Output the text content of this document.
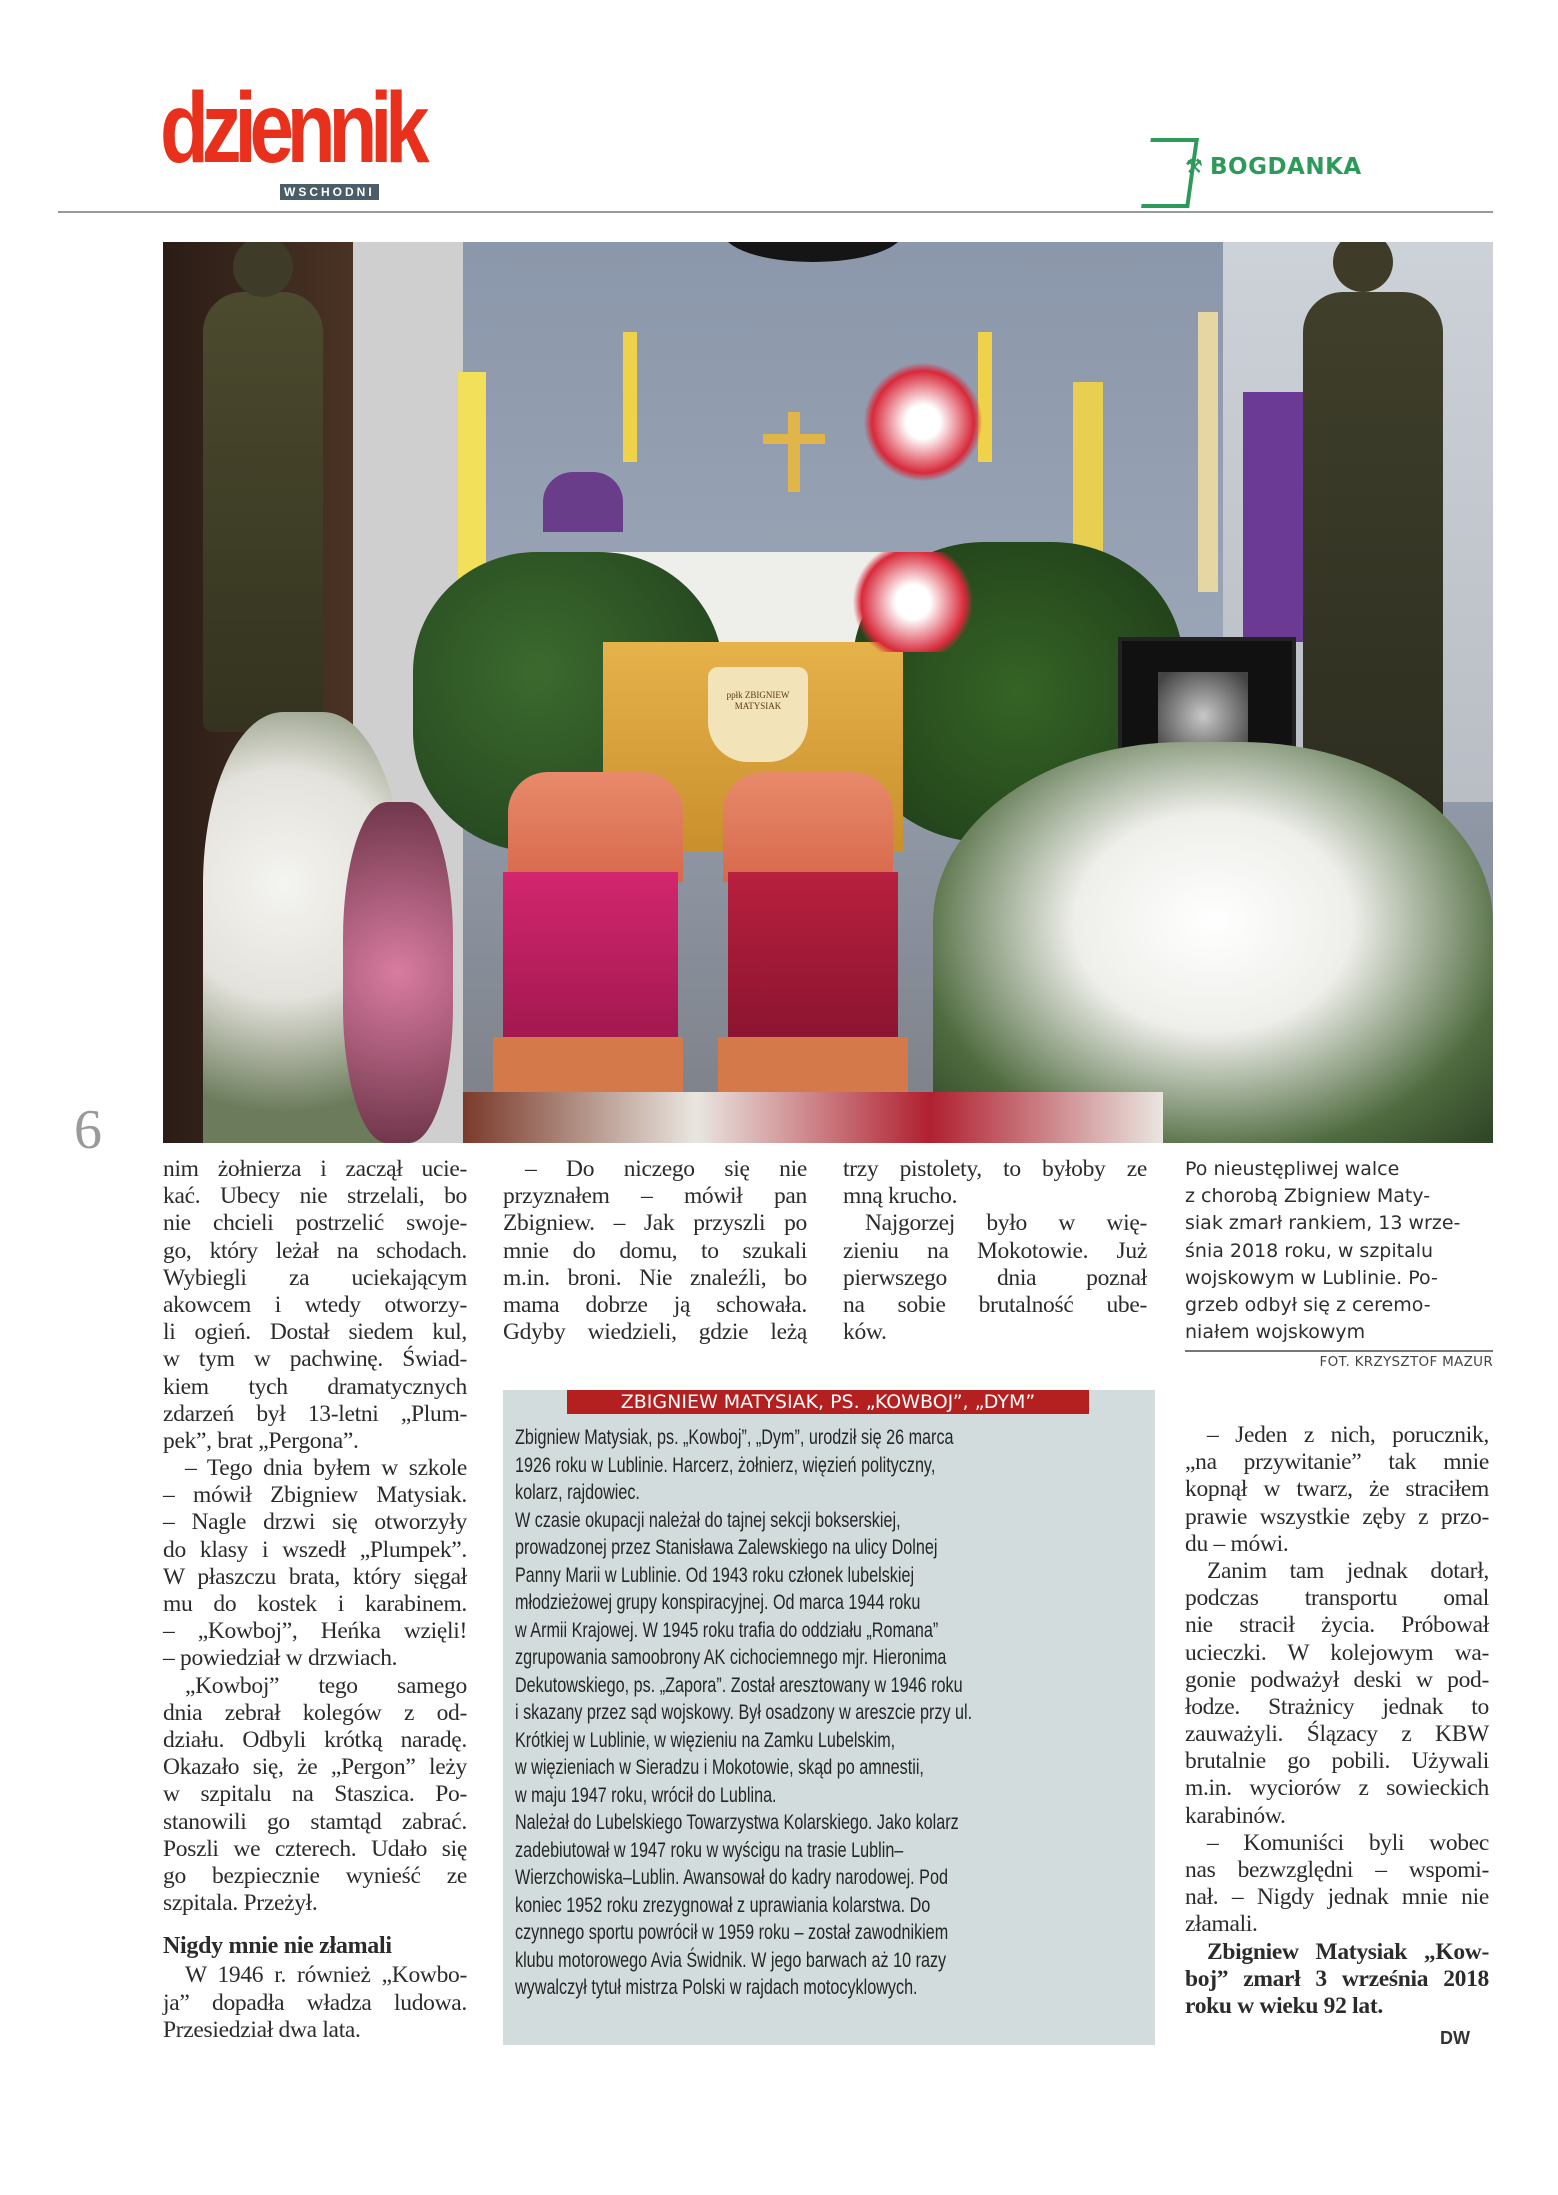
dziennik
WSCHODNI
⚒ BOGDANKA
ppłk ZBIGNIEW MATYSIAK
6
nim żołnierza i zaczął ucie-
kać. Ubecy nie strzelali, bo
nie chcieli postrzelić swoje-
go, który leżał na schodach.
Wybiegli za uciekającym
akowcem i wtedy otworzy-
li ogień. Dostał siedem kul,
w tym w pachwinę. Świad-
kiem tych dramatycznych
zdarzeń był 13-letni „Plum-
pek”, brat „Pergona”.
– Tego dnia byłem w szkole
– mówił Zbigniew Matysiak.
– Nagle drzwi się otworzyły
do klasy i wszedł „Plumpek”.
W płaszczu brata, który sięgał
mu do kostek i karabinem.
– „Kowboj”, Heńka wzięli!
– powiedział w drzwiach.
„Kowboj” tego samego
dnia zebrał kolegów z od-
działu. Odbyli krótką naradę.
Okazało się, że „Pergon” leży
w szpitalu na Staszica. Po-
stanowili go stamtąd zabrać.
Poszli we czterech. Udało się
go bezpiecznie wynieść ze
szpitala. Przeżył.
Nigdy mnie nie złamali
W 1946 r. również „Kowbo-
ja” dopadła władza ludowa.
Przesiedział dwa lata.
– Do niczego się nie
przyznałem – mówił pan
Zbigniew. – Jak przyszli po
mnie do domu, to szukali
m.in. broni. Nie znaleźli, bo
mama dobrze ją schowała.
Gdyby wiedzieli, gdzie leżą
trzy pistolety, to byłoby ze
mną krucho.
Najgorzej było w wię-
zieniu na Mokotowie. Już
pierwszego dnia poznał
na sobie brutalność ube-
ków.
– Jeden z nich, porucznik,
„na przywitanie” tak mnie
kopnął w twarz, że straciłem
prawie wszystkie zęby z przo-
du – mówi.
Zanim tam jednak dotarł,
podczas transportu omal
nie stracił życia. Próbował
ucieczki. W kolejowym wa-
gonie podważył deski w pod-
łodze. Strażnicy jednak to
zauważyli. Ślązacy z KBW
brutalnie go pobili. Używali
m.in. wyciorów z sowieckich
karabinów.
– Komuniści byli wobec
nas bezwzględni – wspomi-
nał. – Nigdy jednak mnie nie
złamali.
Zbigniew Matysiak „Kow-
boj” zmarł 3 września 2018
roku w wieku 92 lat.
Po nieustępliwej walce
z chorobą Zbigniew Maty-
siak zmarł rankiem, 13 wrze-
śnia 2018 roku, w szpitalu
wojskowym w Lublinie. Po-
grzeb odbył się z ceremo-
niałem wojskowym
FOT. KRZYSZTOF MAZUR
ZBIGNIEW MATYSIAK, PS. „KOWBOJ”, „DYM”
Zbigniew Matysiak, ps. „Kowboj”, „Dym”, urodził się 26 marca
1926 roku w Lublinie. Harcerz, żołnierz, więzień polityczny,
kolarz, rajdowiec.
W czasie okupacji należał do tajnej sekcji bokserskiej,
prowadzonej przez Stanisława Zalewskiego na ulicy Dolnej
Panny Marii w Lublinie. Od 1943 roku członek lubelskiej
młodzieżowej grupy konspiracyjnej. Od marca 1944 roku
w Armii Krajowej. W 1945 roku trafia do oddziału „Romana”
zgrupowania samoobrony AK cichociemnego mjr. Hieronima
Dekutowskiego, ps. „Zapora”. Został aresztowany w 1946 roku
i skazany przez sąd wojskowy. Był osadzony w areszcie przy ul.
Krótkiej w Lublinie, w więzieniu na Zamku Lubelskim,
w więzieniach w Sieradzu i Mokotowie, skąd po amnestii,
w maju 1947 roku, wrócił do Lublina.
Należał do Lubelskiego Towarzystwa Kolarskiego. Jako kolarz
zadebiutował w 1947 roku w wyścigu na trasie Lublin–
Wierzchowiska–Lublin. Awansował do kadry narodowej. Pod
koniec 1952 roku zrezygnował z uprawiania kolarstwa. Do
czynnego sportu powrócił w 1959 roku – został zawodnikiem
klubu motorowego Avia Świdnik. W jego barwach aż 10 razy
wywalczył tytuł mistrza Polski w rajdach motocyklowych.
DW
